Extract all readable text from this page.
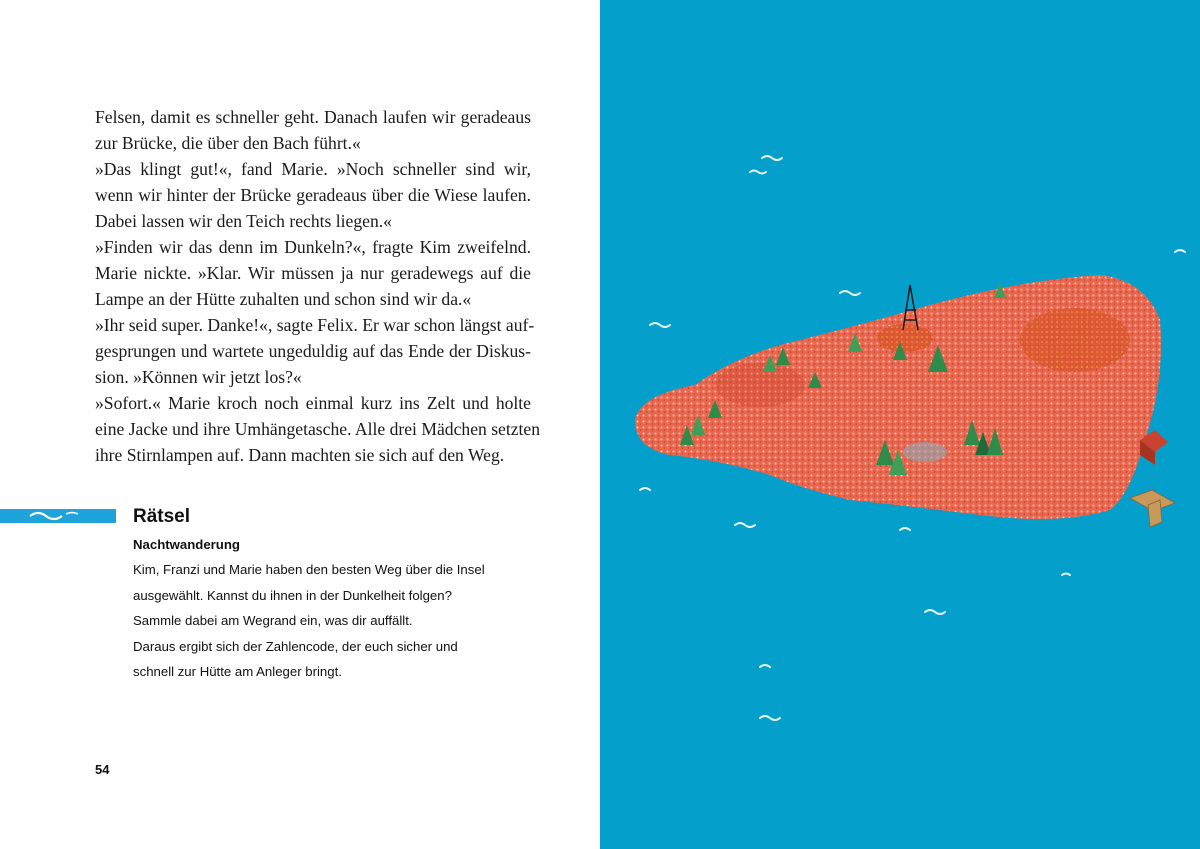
Felsen, damit es schneller geht. Danach laufen wir geradeaus
zur Brücke, die über den Bach führt.«
»Das klingt gut!«, fand Marie. »Noch schneller sind wir,
wenn wir hinter der Brücke geradeaus über die Wiese laufen.
Dabei lassen wir den Teich rechts liegen.«
»Finden wir das denn im Dunkeln?«, fragte Kim zweifelnd.
Marie nickte. »Klar. Wir müssen ja nur geradewegs auf die
Lampe an der Hütte zuhalten und schon sind wir da.«
»Ihr seid super. Danke!«, sagte Felix. Er war schon längst auf-
gesprungen und wartete ungeduldig auf das Ende der Diskus-
sion. »Können wir jetzt los?«
»Sofort.« Marie kroch noch einmal kurz ins Zelt und holte
eine Jacke und ihre Umhängetasche. Alle drei Mädchen setzten
ihre Stirnlampen auf. Dann machten sie sich auf den Weg.
Rätsel
Nachtwanderung
Kim, Franzi und Marie haben den besten Weg über die Insel
ausgewählt. Kannst du ihnen in der Dunkelheit folgen?
Sammle dabei am Wegrand ein, was dir auffällt.
Daraus ergibt sich der Zahlencode, der euch sicher und
schnell zur Hütte am Anleger bringt.
54
